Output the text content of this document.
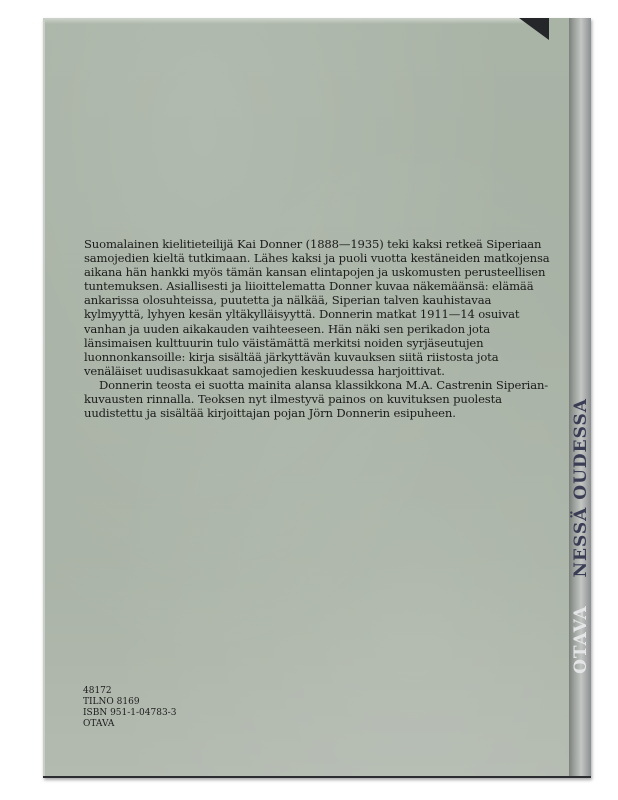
Suomalainen kielitieteilijä Kai Donner (1888—1935) teki kaksi retkeä Siperiaan samojedien kieltä tutkimaan. Lähes kaksi ja puoli vuotta kestäneiden matkojensa aikana hän hankki myös tämän kansan elintapojen ja uskomusten perusteellisen tuntemuksen. Asiallisesti ja liioittelematta Donner kuvaa näkemäänsä: elämää ankarissa olosuhteissa, puutetta ja nälkää, Siperian talven kauhistavaa kylmyyttä, lyhyen kesän yltäkylläisyyttä. Donnerin matkat 1911—14 osuivat vanhan ja uuden aikakauden vaihteeseen. Hän näki sen perikadon jota länsimaisen kulttuurin tulo väistämättä merkitsi noiden syrjäseutujen luonnonkansoille: kirja sisältää järkyttävän kuvauksen siitä riistosta jota venäläiset uudisasukkaat samojedien keskuudessa harjoittivat.

Donnerin teosta ei suotta mainita alansa klassikkona M.A. Castrenin Siperian-kuvausten rinnalla. Teoksen nyt ilmestyvä painos on kuvituksen puolesta uudistettu ja sisältää kirjoittajan pojan Jörn Donnerin esipuheen.

48172
TILNO 8169
ISBN 951-1-04783-3
OTAVA
OTAVA  NESSÄ OUDESSA
